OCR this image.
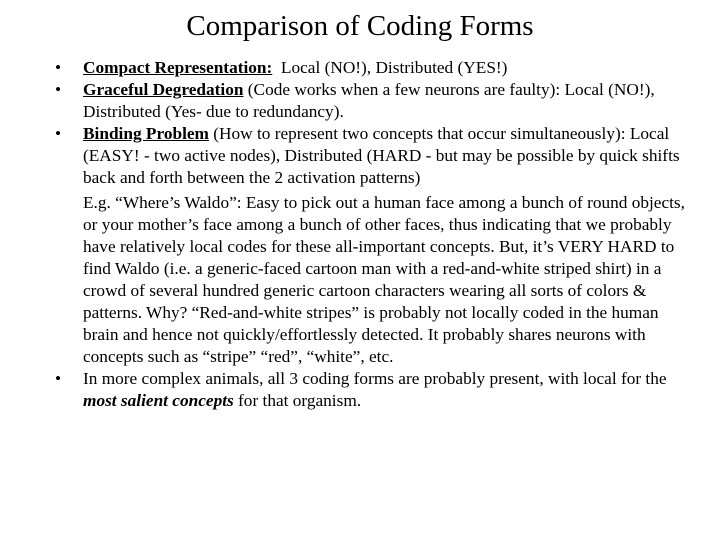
Comparison of Coding Forms
• Compact Representation:  Local (NO!), Distributed (YES!)
• Graceful Degredation (Code works when a few neurons are faulty): Local (NO!), Distributed (Yes- due to redundancy).
• Binding Problem (How to represent two concepts that occur simultaneously): Local (EASY! - two active nodes), Distributed (HARD - but may be possible by quick shifts back and forth between the 2 activation patterns)
E.g. “Where’s Waldo”: Easy to pick out a human face among a bunch of round objects, or your mother’s face among a bunch of other faces, thus indicating that we probably have relatively local codes for these all-important concepts. But, it’s VERY HARD to find Waldo (i.e. a generic-faced cartoon man with a red-and-white striped shirt) in a crowd of several hundred generic cartoon characters wearing all sorts of colors & patterns. Why? “Red-and-white stripes” is probably not locally coded in the human brain and hence not quickly/effortlessly detected. It probably shares neurons with concepts such as “stripe” “red”, “white”, etc.
• In more complex animals, all 3 coding forms are probably present, with local for the most salient concepts for that organism.
